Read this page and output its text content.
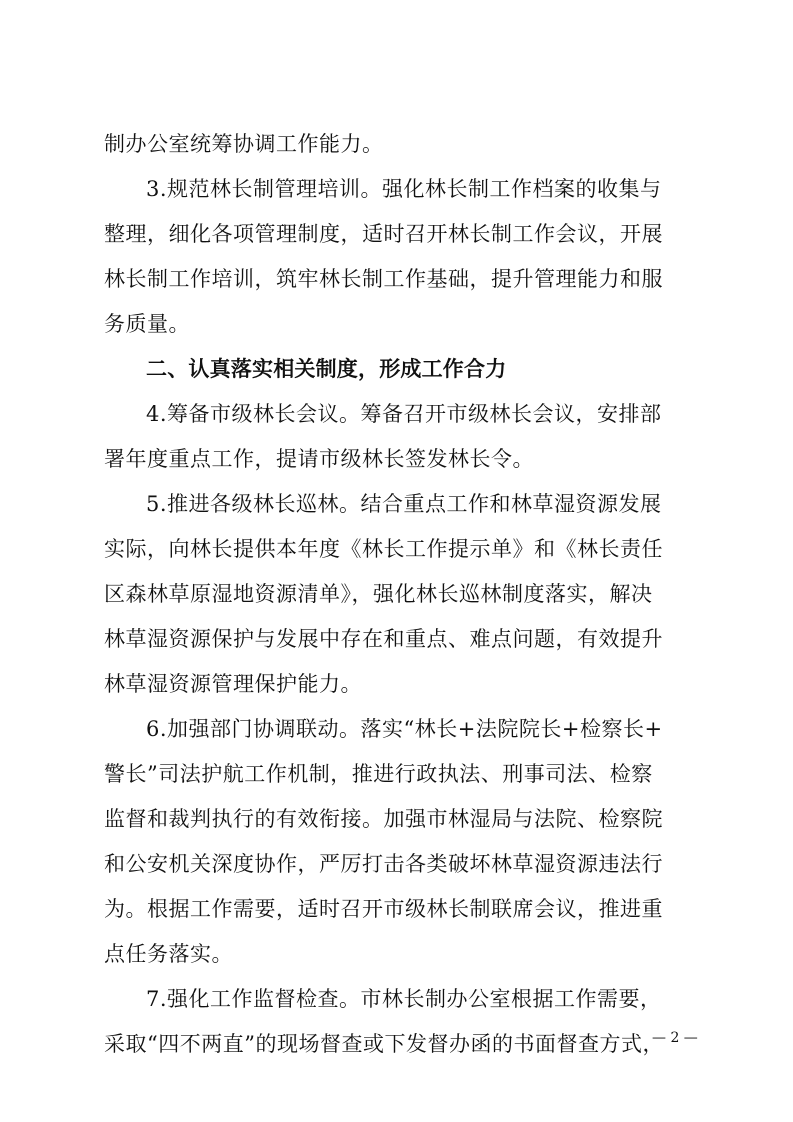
制办公室统筹协调工作能力。
3.规范林长制管理培训。强化林长制工作档案的收集与
整理，细化各项管理制度，适时召开林长制工作会议，开展
林长制工作培训，筑牢林长制工作基础，提升管理能力和服
务质量。
二、认真落实相关制度，形成工作合力
4.筹备市级林长会议。筹备召开市级林长会议，安排部
署年度重点工作，提请市级林长签发林长令。
5.推进各级林长巡林。结合重点工作和林草湿资源发展
实际，向林长提供本年度《林长工作提示单》和《林长责任
区森林草原湿地资源清单》，强化林长巡林制度落实，解决
林草湿资源保护与发展中存在和重点、难点问题，有效提升
林草湿资源管理保护能力。
6.加强部门协调联动。落实“林长+法院院长+检察长+
警长”司法护航工作机制，推进行政执法、刑事司法、检察
监督和裁判执行的有效衔接。加强市林湿局与法院、检察院
和公安机关深度协作，严厉打击各类破坏林草湿资源违法行
为。根据工作需要，适时召开市级林长制联席会议，推进重
点任务落实。
7.强化工作监督检查。市林长制办公室根据工作需要，
采取“四不两直”的现场督查或下发督办函的书面督查方式，
— 2 —
